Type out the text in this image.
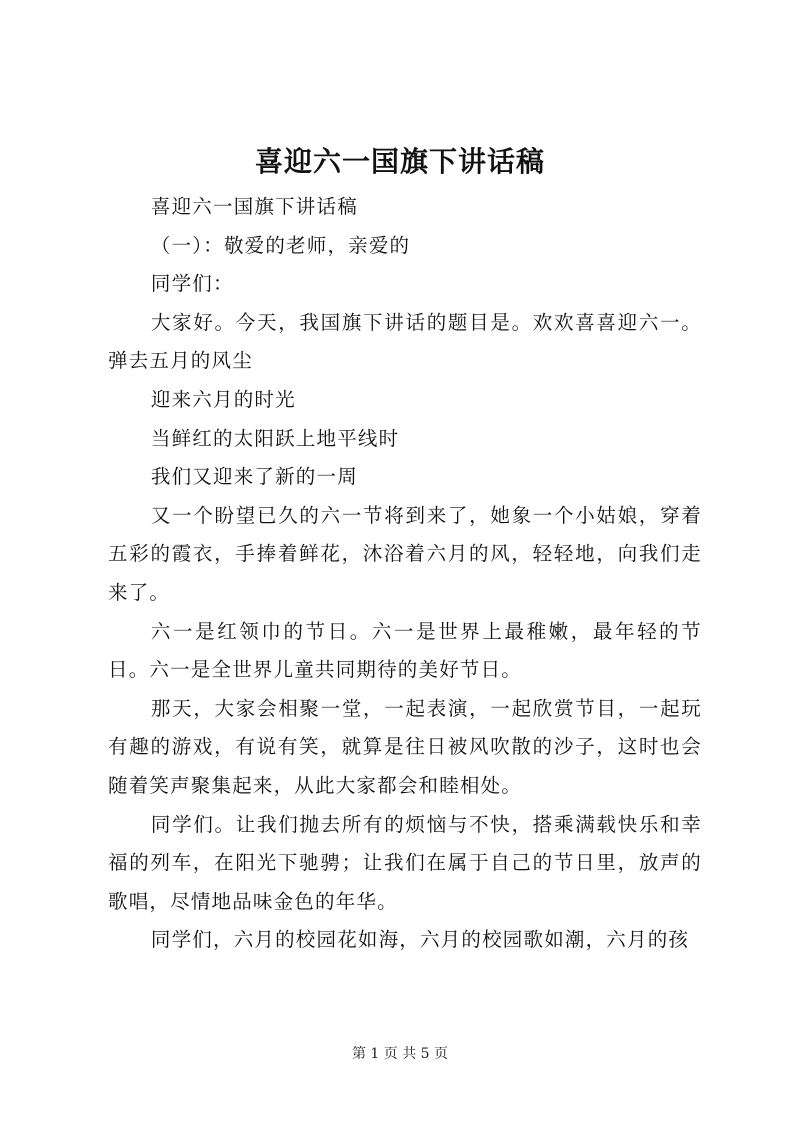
喜迎六一国旗下讲话稿

喜迎六一国旗下讲话稿

（一）：敬爱的老师，亲爱的

同学们：

大家好。今天，我国旗下讲话的题目是。欢欢喜喜迎六一。弹去五月的风尘

迎来六月的时光

当鲜红的太阳跃上地平线时

我们又迎来了新的一周

又一个盼望已久的六一节将到来了，她象一个小姑娘，穿着五彩的霞衣，手捧着鲜花，沐浴着六月的风，轻轻地，向我们走来了。

六一是红领巾的节日。六一是世界上最稚嫩，最年轻的节日。六一是全世界儿童共同期待的美好节日。

那天，大家会相聚一堂，一起表演，一起欣赏节目，一起玩有趣的游戏，有说有笑，就算是往日被风吹散的沙子，这时也会随着笑声聚集起来，从此大家都会和睦相处。

同学们。让我们抛去所有的烦恼与不快，搭乘满载快乐和幸福的列车，在阳光下驰骋；让我们在属于自己的节日里，放声的歌唱，尽情地品味金色的年华。

同学们，六月的校园花如海，六月的校园歌如潮，六月的孩

第 1 页 共 5 页
